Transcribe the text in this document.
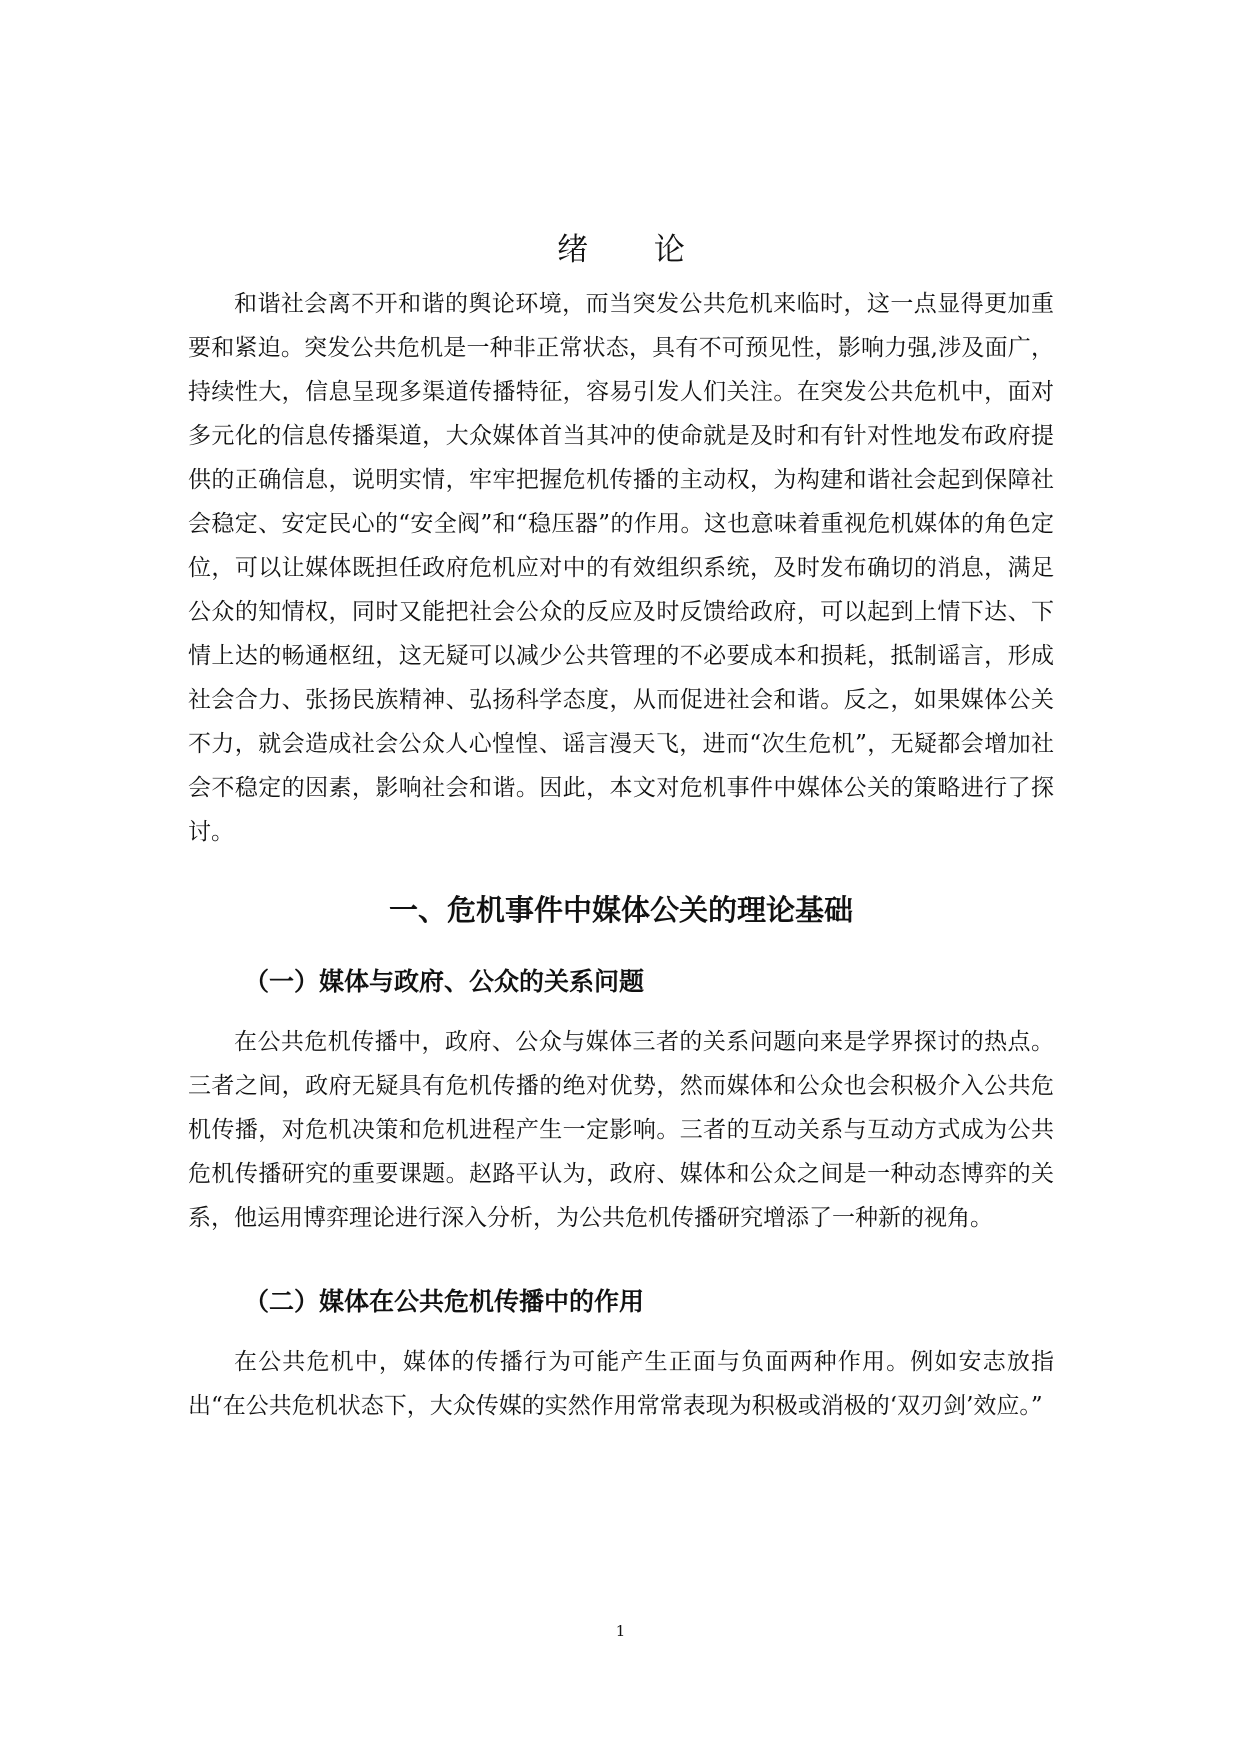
绪 论

和谐社会离不开和谐的舆论环境，而当突发公共危机来临时，这一点显得更加重要和紧迫。突发公共危机是一种非正常状态，具有不可预见性，影响力强,涉及面广，持续性大，信息呈现多渠道传播特征，容易引发人们关注。在突发公共危机中，面对多元化的信息传播渠道，大众媒体首当其冲的使命就是及时和有针对性地发布政府提供的正确信息，说明实情，牢牢把握危机传播的主动权，为构建和谐社会起到保障社会稳定、安定民心的“安全阀”和“稳压器”的作用。这也意味着重视危机媒体的角色定位，可以让媒体既担任政府危机应对中的有效组织系统，及时发布确切的消息，满足公众的知情权，同时又能把社会公众的反应及时反馈给政府，可以起到上情下达、下情上达的畅通枢纽，这无疑可以减少公共管理的不必要成本和损耗，抵制谣言，形成社会合力、张扬民族精神、弘扬科学态度，从而促进社会和谐。反之，如果媒体公关不力，就会造成社会公众人心惶惶、谣言漫天飞，进而“次生危机”，无疑都会增加社会不稳定的因素，影响社会和谐。因此，本文对危机事件中媒体公关的策略进行了探讨。

一、危机事件中媒体公关的理论基础
（一）媒体与政府、公众的关系问题

在公共危机传播中，政府、公众与媒体三者的关系问题向来是学界探讨的热点。三者之间，政府无疑具有危机传播的绝对优势，然而媒体和公众也会积极介入公共危机传播，对危机决策和危机进程产生一定影响。三者的互动关系与互动方式成为公共危机传播研究的重要课题。赵路平认为，政府、媒体和公众之间是一种动态博弈的关系，他运用博弈理论进行深入分析，为公共危机传播研究增添了一种新的视角。

（二）媒体在公共危机传播中的作用

在公共危机中，媒体的传播行为可能产生正面与负面两种作用。例如安志放指出“在公共危机状态下，大众传媒的实然作用常常表现为积极或消极的‘双刃剑’效应。”

1
